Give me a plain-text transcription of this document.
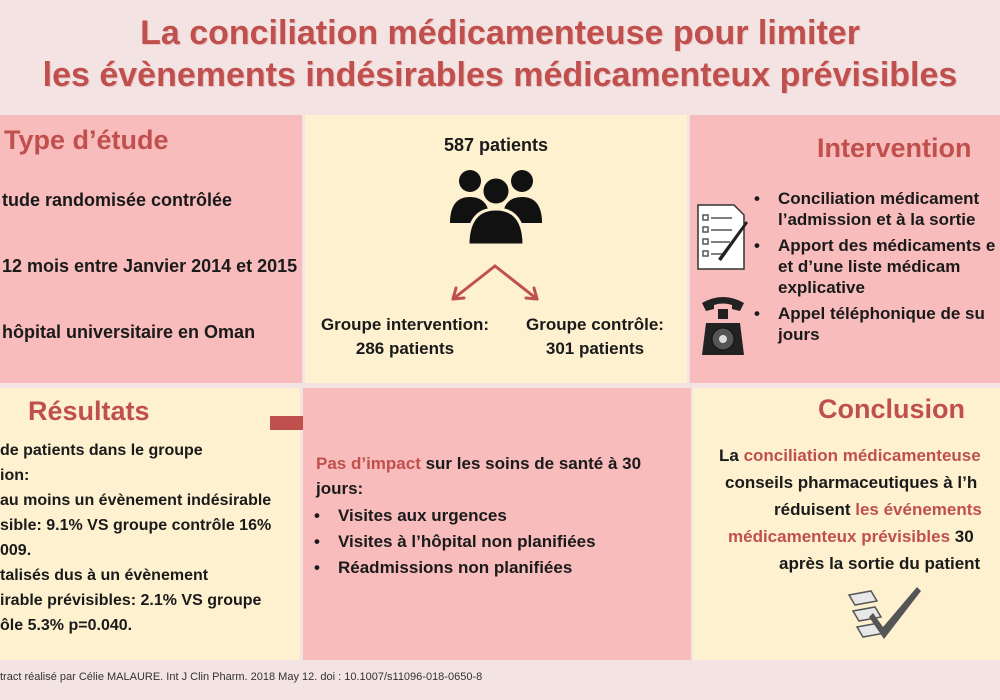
La conciliation médicamenteuse pour limiter
les évènements indésirables médicamenteux prévisibles
Type d’étude
tude randomisée contrôlée
12 mois entre Janvier 2014 et 2015
hôpital universitaire en Oman
587 patients
Groupe intervention:
286 patients
Groupe contrôle:
301 patients
Intervention
• Conciliation médicament
l’admission et à la sortie
• Apport des médicaments e
et d’une liste médicam
explicative
• Appel téléphonique de su
jours
Résultats
de patients dans le groupe
ion:
au moins un évènement indésirable
sible: 9.1% VS groupe contrôle 16%
009.
talisés dus à un évènement
irable prévisibles: 2.1% VS groupe
ôle 5.3% p=0.040.
Pas d’impact sur les soins de santé à 30
jours:
• Visites aux urgences
• Visites à l’hôpital non planifiées
• Réadmissions non planifiées
Conclusion
La conciliation médicamenteuse
conseils pharmaceutiques à l’h
réduisent les événements
médicamenteux prévisibles 30
après la sortie du patient
tract réalisé par Célie MALAURE. Int J Clin Pharm. 2018 May 12. doi : 10.1007/s11096-018-0650-8
